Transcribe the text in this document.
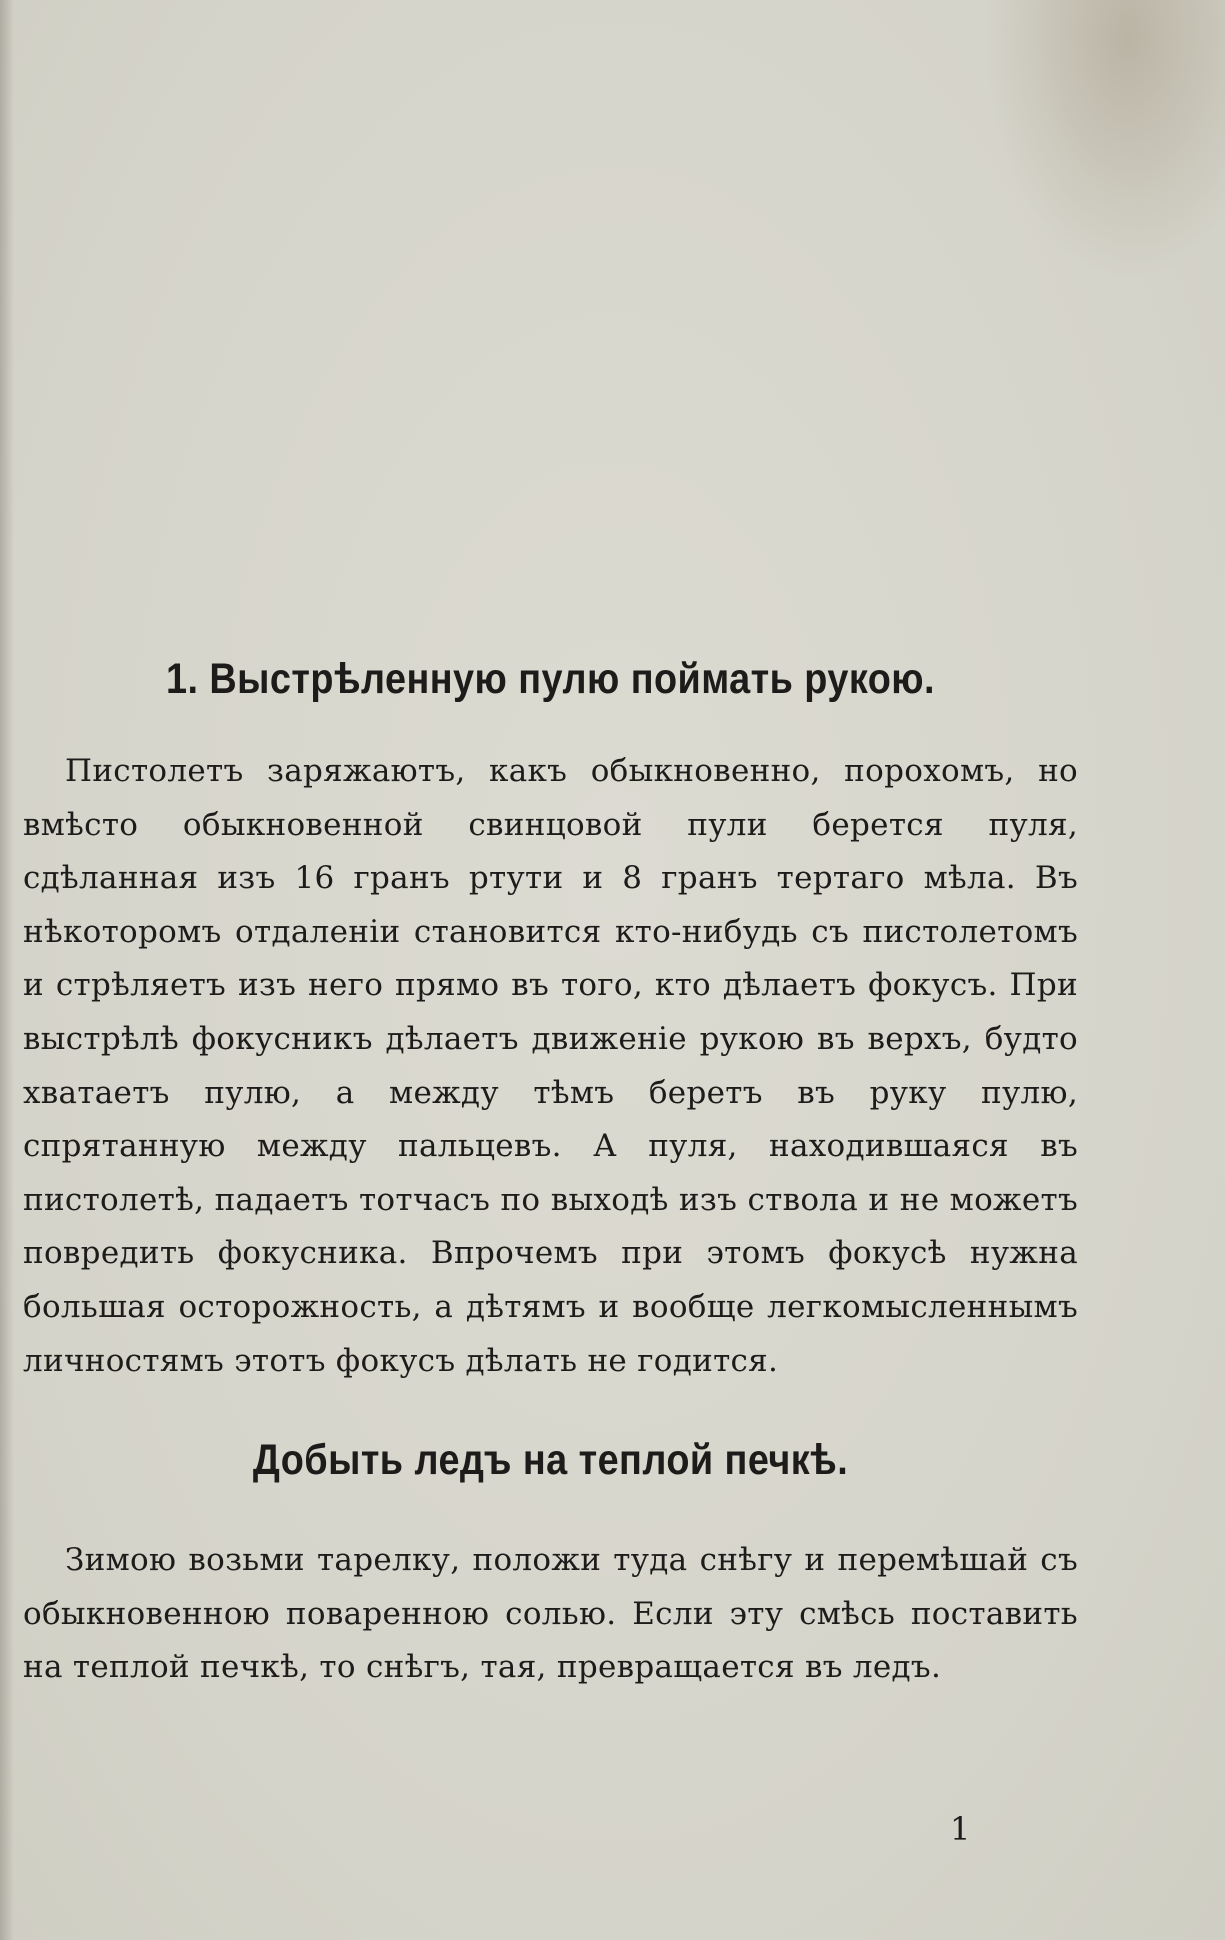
1. Выстрѣленную пулю поймать рукою.

Пистолетъ заряжаютъ, какъ обыкновенно, порохомъ, но вмѣсто обыкновенной свинцовой пули берется пуля, сдѣланная изъ 16 гранъ ртути и 8 гранъ тертаго мѣла. Въ нѣкоторомъ отдаленіи становится кто-нибудь съ пистолетомъ и стрѣляетъ изъ него прямо въ того, кто дѣлаетъ фокусъ. При выстрѣлѣ фокусникъ дѣлаетъ движеніе рукою въ верхъ, будто хватаетъ пулю, а между тѣмъ беретъ въ руку пулю, спрятанную между пальцевъ. А пуля, находившаяся въ пистолетѣ, падаетъ тотчасъ по выходѣ изъ ствола и не можетъ повредить фокусника. Впрочемъ при этомъ фокусѣ нужна большая осторожность, а дѣтямъ и вообще легкомысленнымъ личностямъ этотъ фокусъ дѣлать не годится.

Добыть ледъ на теплой печкѣ.

Зимою возьми тарелку, положи туда снѣгу и перемѣшай съ обыкновенною поваренною солью. Если эту смѣсь поставить на теплой печкѣ, то снѣгъ, тая, превращается въ ледъ.

1
